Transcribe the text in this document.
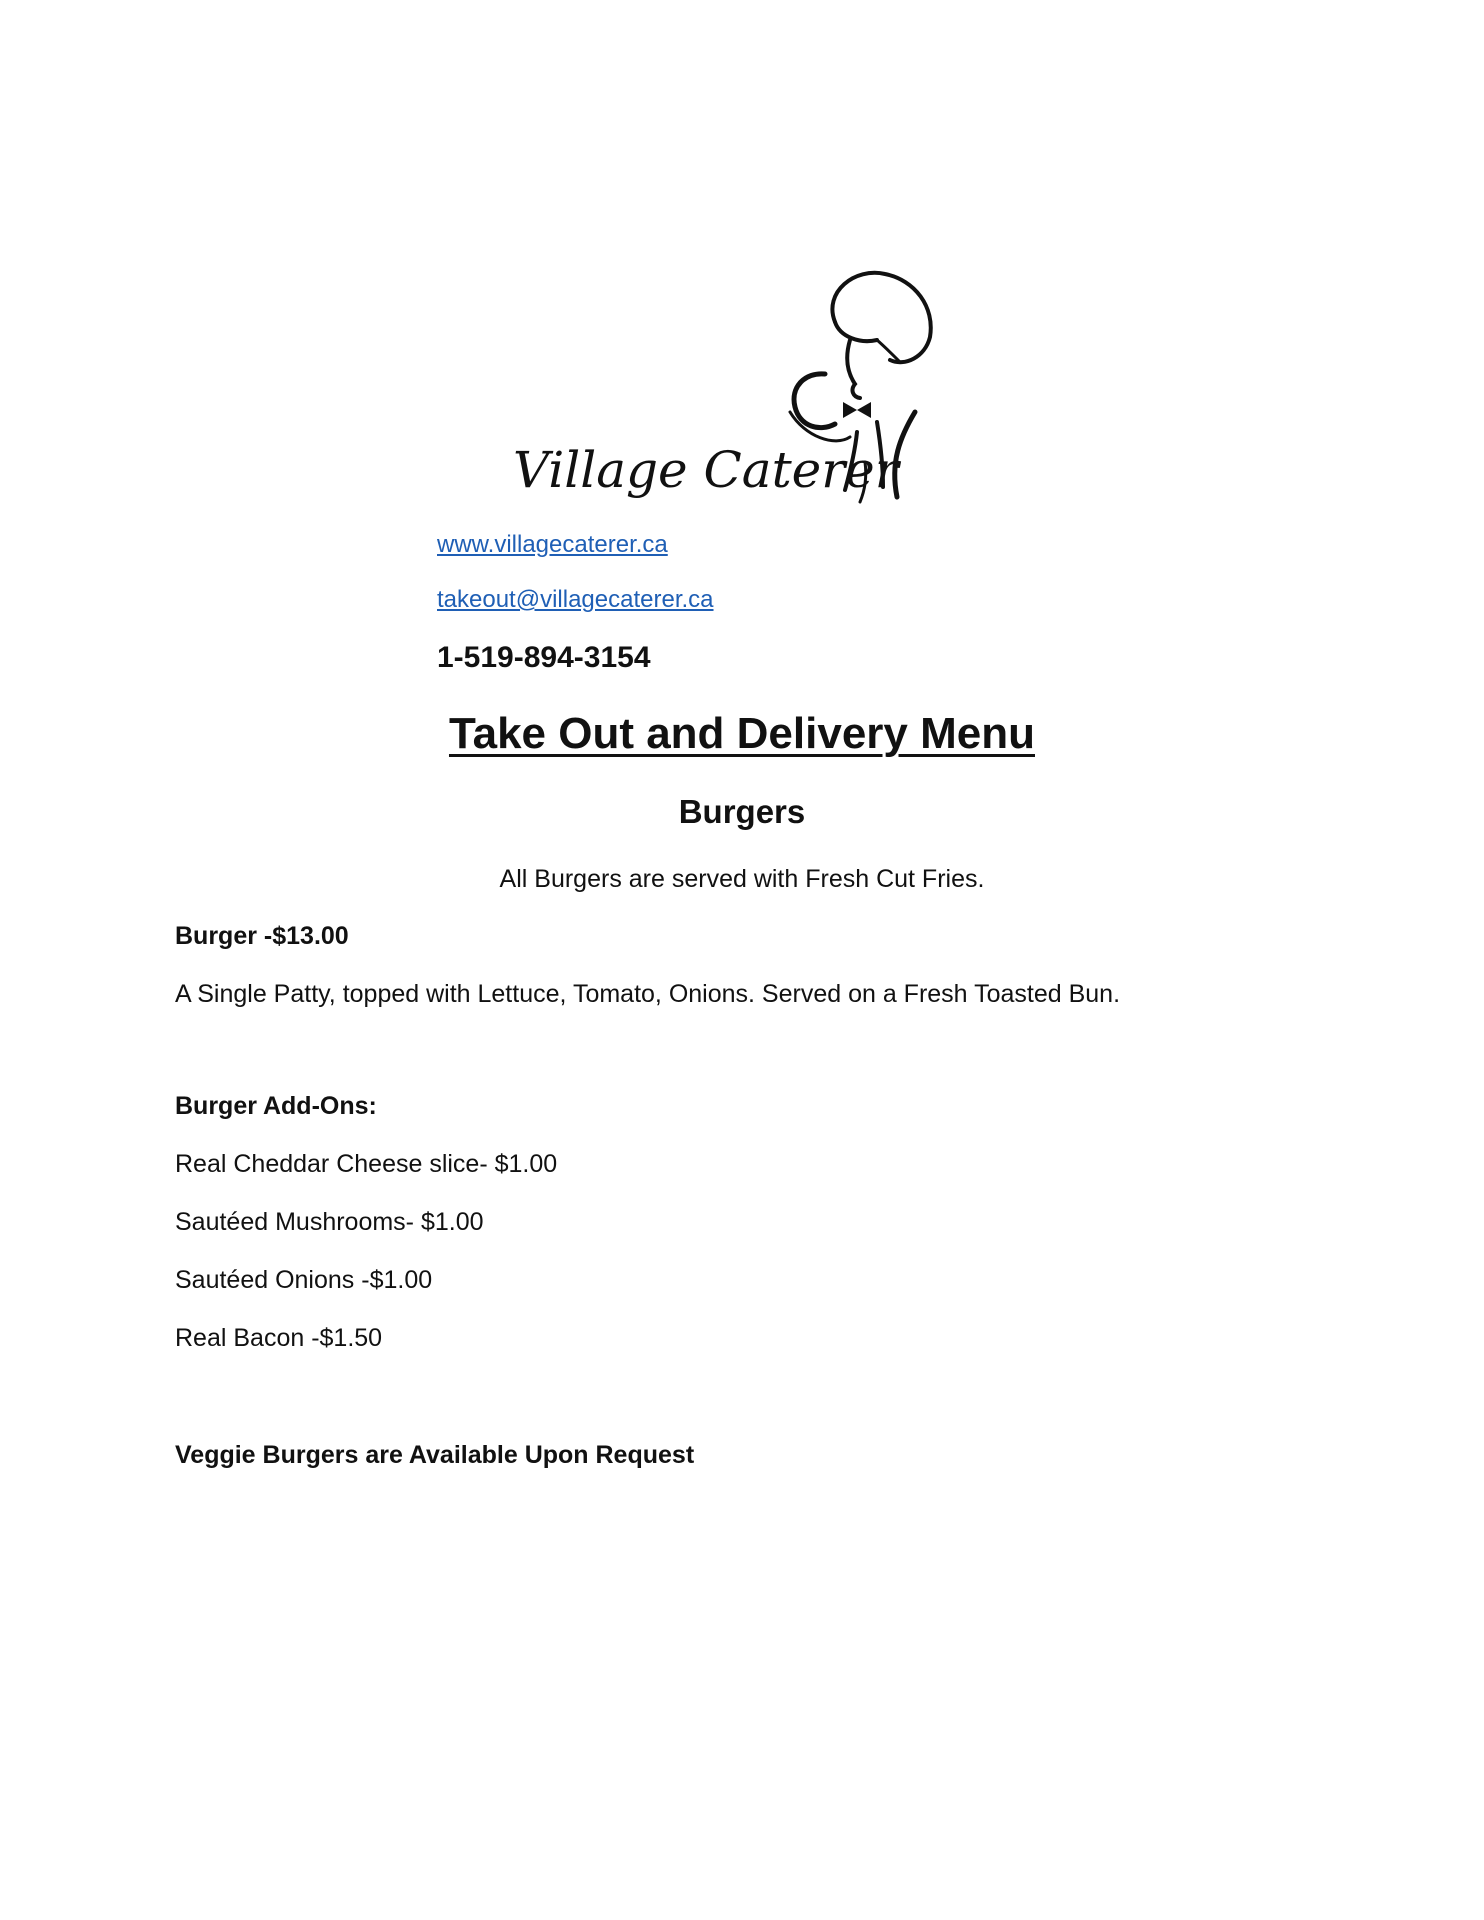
Village Caterer
www.villagecaterer.ca
takeout@villagecaterer.ca
1-519-894-3154
Take Out and Delivery Menu
Burgers
All Burgers are served with Fresh Cut Fries.

Burger -$13.00

A Single Patty, topped with Lettuce, Tomato, Onions. Served on a Fresh Toasted Bun.

Burger Add-Ons:

Real Cheddar Cheese slice- $1.00

Sautéed Mushrooms- $1.00

Sautéed Onions -$1.00

Real Bacon -$1.50

Veggie Burgers are Available Upon Request
